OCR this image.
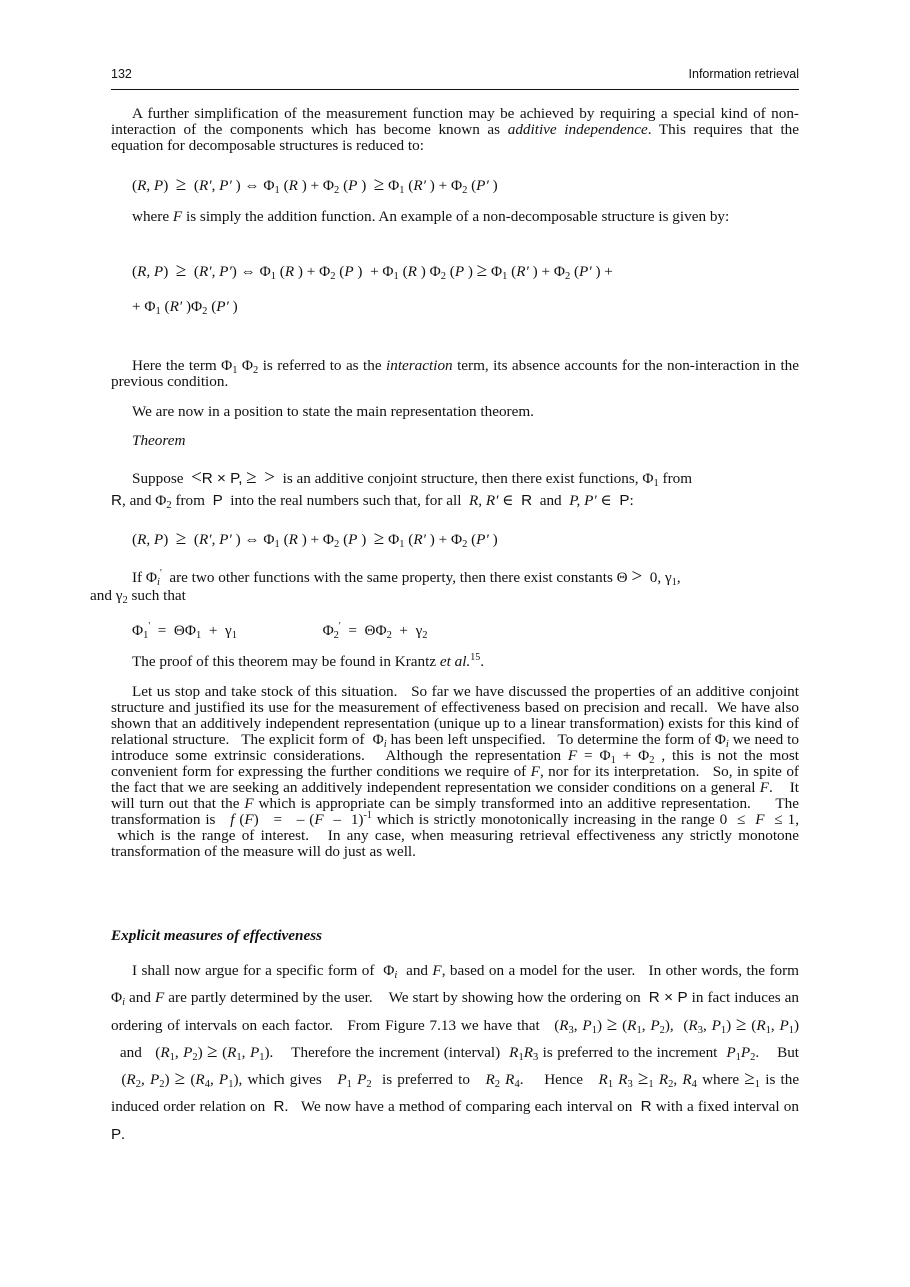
132	Information retrieval
A further simplification of the measurement function may be achieved by requiring a special kind of non-interaction of the components which has become known as additive independence. This requires that the equation for decomposable structures is reduced to:
(R, P)  ≥  (R′, P′ ) ⇔ $\Phi_1$ (R ) + $\Phi_2$ (P )  ≥ $\Phi_1$ (R′ ) + $\Phi_2$ (P′ )
where F is simply the addition function. An example of a non-decomposable structure is given by:
(R, P)  ≥  (R′, P′) ⇔ $\Phi_1$ (R ) + $\Phi_2$ (P )  + $\Phi_1$ (R ) $\Phi_2$ (P ) ≥ $\Phi_1$ (R′ ) + $\Phi_2$ (P′ ) +
+ $\Phi_1$ (R′ )$\Phi_2$ (P′ )
Here the term $\Phi_1$ $\Phi_2$ is referred to as the interaction term, its absence accounts for the non-interaction in the previous condition.
We are now in a position to state the main representation theorem.
Theorem
Suppose <R × P, ≥ > is an additive conjoint structure, then there exist functions, $\Phi_1$ from
R, and $\Phi_2$ from P into the real numbers such that, for all R, R′ ∈  R and P, P′ ∈  P:
(R, P)  ≥  (R′, P′ ) ⇔ $\Phi_1$ (R ) + $\Phi_2$ (P )  ≥ $\Phi_1$ (R′ ) + $\Phi_2$ (P′ )
If $\Phi_i'$  are two other functions with the same property, then there exist constants Θ >  0, $\gamma_1$,
and $\gamma_2$ such that
$\Phi_1' = \Theta\Phi_1 + \gamma_1$	$\Phi_2' = \Theta\Phi_2 + \gamma_2$
The proof of this theorem may be found in Krantz et al.$^{15}$.
Let us stop and take stock of this situation.   So far we have discussed the properties of an additive conjoint structure and justified its use for the measurement of effectiveness based on precision and recall.  We have also shown that an additively independent representation (unique up to a linear transformation) exists for this kind of relational structure.   The explicit form of  $\Phi_i$ has been left unspecified.   To determine the form of $\Phi_i$ we need to introduce some extrinsic considerations.   Although the representation $F = \Phi_1 + \Phi_2$ , this is not the most convenient form for expressing the further conditions we require of F, nor for its interpretation.   So, in spite of the fact that we are seeking an additively independent representation we consider conditions on a general F.    It will turn out that the F which is appropriate can be simply transformed into an additive representation.     The transformation is   f (F)   =   – (F  –  1)$^{-1}$ which is strictly monotonically increasing in the range 0  ≤  F  ≤ 1,  which is the range of interest.   In any case, when measuring retrieval effectiveness any strictly monotone transformation of the measure will do just as well.
Explicit measures of effectiveness
I shall now argue for a specific form of  $\Phi_i$  and F, based on a model for the user.   In other words, the form $\Phi_i$ and F are partly determined by the user.    We start by showing how the ordering on  R × P in fact induces an ordering of intervals on each factor.   From Figure 7.13 we have that   ($R_3$, $P_1) \ge (R_1$, $P_2$),  ($R_3$, $P_1) \ge (R_1$, $P_1$)   and   ($R_1$, $P_2) \ge (R_1$, $P_1$).    Therefore the increment (interval)  $R_1R_3$ is preferred to the increment  $P_1P_2$.    But   ($R_2$, $P_2) \ge (R_4$, $P_1$), which gives   $P_1$ $P_2$  is preferred to   $R_2$ $R_4$.    Hence   $R_1$ $R_3 \ge_1$ $R_2$, $R_4$ where $\ge_1$ is the induced order relation on  R.   We now have a method of comparing each interval on  R with a fixed interval on P.
